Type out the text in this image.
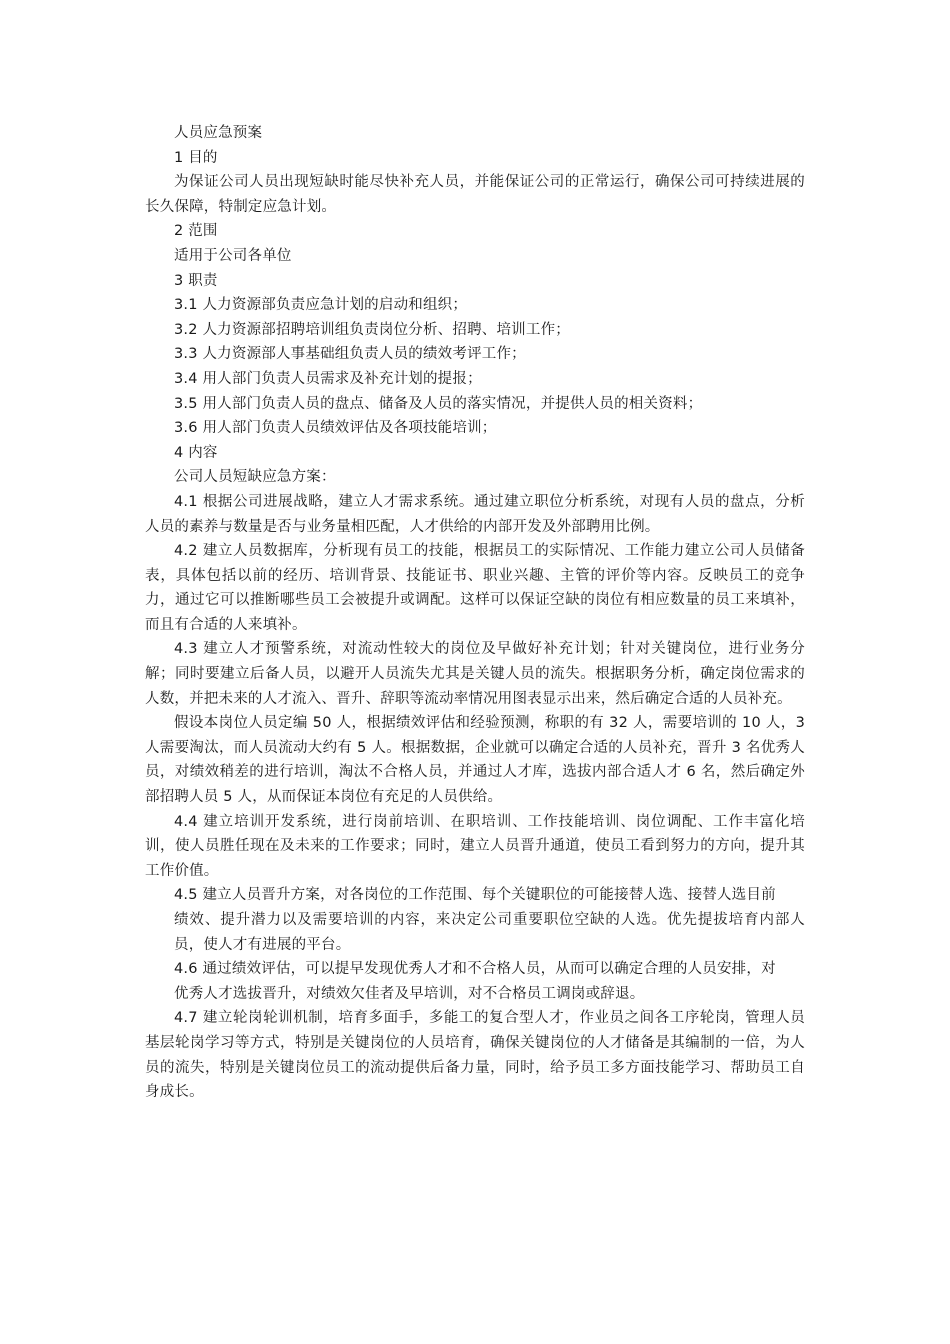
人员应急预案

1 目的

为保证公司人员出现短缺时能尽快补充人员，并能保证公司的正常运行，确保公司可持续进展的长久保障，特制定应急计划。

2 范围

适用于公司各单位

3 职责

3.1 人力资源部负责应急计划的启动和组织；

3.2 人力资源部招聘培训组负责岗位分析、招聘、培训工作；

3.3 人力资源部人事基础组负责人员的绩效考评工作；

3.4 用人部门负责人员需求及补充计划的提报；

3.5 用人部门负责人员的盘点、储备及人员的落实情况，并提供人员的相关资料；

3.6 用人部门负责人员绩效评估及各项技能培训；

4 内容

公司人员短缺应急方案：

4.1 根据公司进展战略，建立人才需求系统。通过建立职位分析系统，对现有人员的盘点，分析人员的素养与数量是否与业务量相匹配，人才供给的内部开发及外部聘用比例。

4.2 建立人员数据库，分析现有员工的技能，根据员工的实际情况、工作能力建立公司人员储备表，具体包括以前的经历、培训背景、技能证书、职业兴趣、主管的评价等内容。反映员工的竞争力，通过它可以推断哪些员工会被提升或调配。这样可以保证空缺的岗位有相应数量的员工来填补，而且有合适的人来填补。

4.3 建立人才预警系统，对流动性较大的岗位及早做好补充计划；针对关键岗位，进行业务分解；同时要建立后备人员，以避开人员流失尤其是关键人员的流失。根据职务分析，确定岗位需求的人数，并把未来的人才流入、晋升、辞职等流动率情况用图表显示出来，然后确定合适的人员补充。

假设本岗位人员定编 50 人，根据绩效评估和经验预测，称职的有 32 人，需要培训的 10 人，3 人需要淘汰，而人员流动大约有 5 人。根据数据，企业就可以确定合适的人员补充，晋升 3 名优秀人员，对绩效稍差的进行培训，淘汰不合格人员，并通过人才库，选拔内部合适人才 6 名，然后确定外部招聘人员 5 人，从而保证本岗位有充足的人员供给。

4.4 建立培训开发系统，进行岗前培训、在职培训、工作技能培训、岗位调配、工作丰富化培训，使人员胜任现在及未来的工作要求；同时，建立人员晋升通道，使员工看到努力的方向，提升其工作价值。

4.5 建立人员晋升方案，对各岗位的工作范围、每个关键职位的可能接替人选、接替人选目前

绩效、提升潜力以及需要培训的内容，来决定公司重要职位空缺的人选。优先提拔培育内部人员，使人才有进展的平台。

4.6 通过绩效评估，可以提早发现优秀人才和不合格人员，从而可以确定合理的人员安排，对

优秀人才选拔晋升，对绩效欠佳者及早培训，对不合格员工调岗或辞退。

4.7 建立轮岗轮训机制，培育多面手，多能工的复合型人才，作业员之间各工序轮岗，管理人员基层轮岗学习等方式，特别是关键岗位的人员培育，确保关键岗位的人才储备是其编制的一倍，为人员的流失，特别是关键岗位员工的流动提供后备力量，同时，给予员工多方面技能学习、帮助员工自身成长。
